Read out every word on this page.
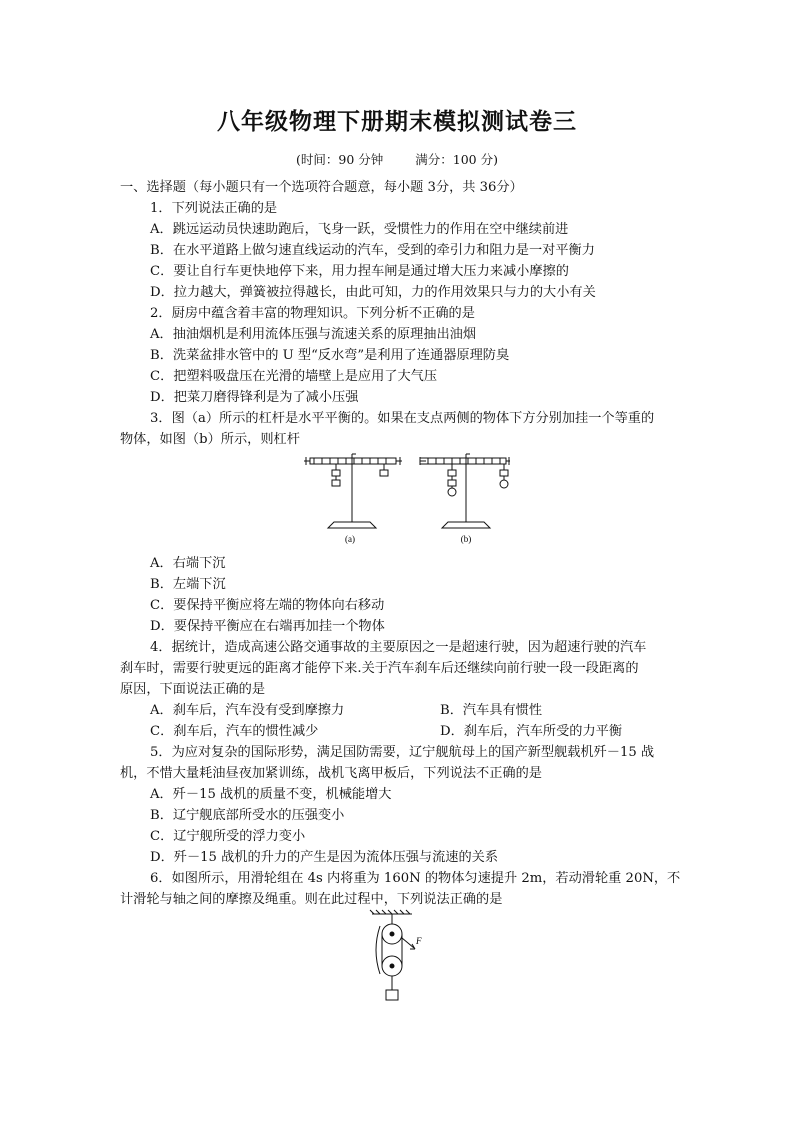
八年级物理下册期末模拟测试卷三
(时间：90 分钟	满分：100 分)
一、选择题（每小题只有一个选项符合题意，每小题 3分，共 36分）
1．下列说法正确的是
A．跳远运动员快速助跑后，飞身一跃，受惯性力的作用在空中继续前进
B．在水平道路上做匀速直线运动的汽车，受到的牵引力和阻力是一对平衡力
C．要让自行车更快地停下来，用力捏车闸是通过增大压力来减小摩擦的
D．拉力越大，弹簧被拉得越长，由此可知，力的作用效果只与力的大小有关
2．厨房中蕴含着丰富的物理知识。下列分析不正确的是
A．抽油烟机是利用流体压强与流速关系的原理抽出油烟
B．洗菜盆排水管中的 U 型“反水弯”是利用了连通器原理防臭
C．把塑料吸盘压在光滑的墙壁上是应用了大气压
D．把菜刀磨得锋利是为了减小压强
3．图（a）所示的杠杆是水平平衡的。如果在支点两侧的物体下方分别加挂一个等重的
物体，如图（b）所示，则杠杆
(a)	(b)
A．右端下沉
B．左端下沉
C．要保持平衡应将左端的物体向右移动
D．要保持平衡应在右端再加挂一个物体
4．据统计，造成高速公路交通事故的主要原因之一是超速行驶，因为超速行驶的汽车
刹车时，需要行驶更远的距离才能停下来.关于汽车刹车后还继续向前行驶一段一段距离的
原因，下面说法正确的是
A．刹车后，汽车没有受到摩擦力	B．汽车具有惯性
C．刹车后，汽车的惯性减少	D．刹车后，汽车所受的力平衡
5．为应对复杂的国际形势，满足国防需要，辽宁舰航母上的国产新型舰载机歼－15 战
机，不惜大量耗油昼夜加紧训练，战机飞离甲板后，下列说法不正确的是
A．歼－15 战机的质量不变，机械能增大
B．辽宁舰底部所受水的压强变小
C．辽宁舰所受的浮力变小
D．歼－15 战机的升力的产生是因为流体压强与流速的关系
6．如图所示，用滑轮组在 4s 内将重为 160N 的物体匀速提升 2m，若动滑轮重 20N，不
计滑轮与轴之间的摩擦及绳重。则在此过程中，下列说法正确的是
F
